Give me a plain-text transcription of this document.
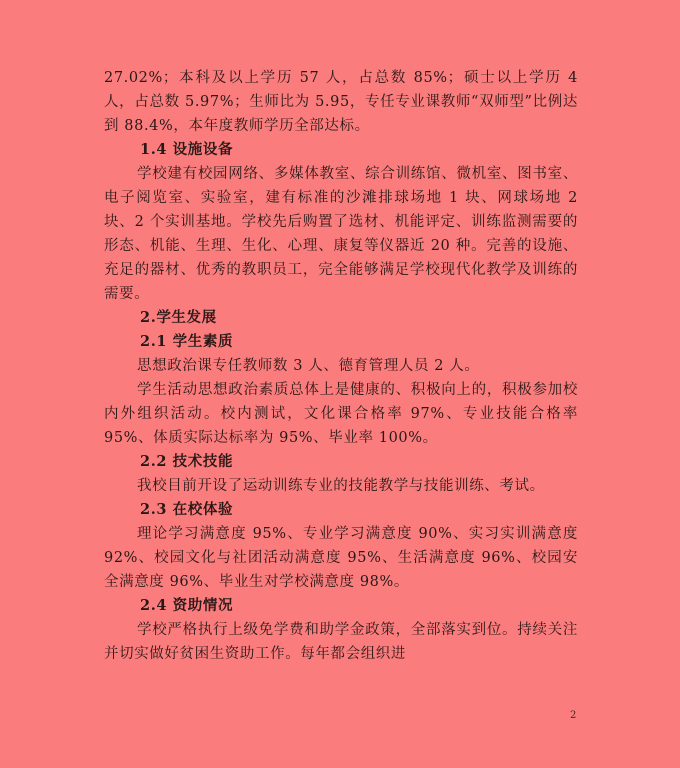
27.02%；本科及以上学历 57 人，占总数 85%；硕士以上学历 4 人，占总数 5.97%；生师比为 5.95，专任专业课教师“双师型”比例达到 88.4%，本年度教师学历全部达标。

1.4 设施设备

学校建有校园网络、多媒体教室、综合训练馆、微机室、图书室、电子阅览室、实验室，建有标准的沙滩排球场地 1 块、网球场地 2 块、2 个实训基地。学校先后购置了选材、机能评定、训练监测需要的形态、机能、生理、生化、心理、康复等仪器近 20 种。完善的设施、充足的器材、优秀的教职员工，完全能够满足学校现代化教学及训练的需要。

2.学生发展

2.1 学生素质

思想政治课专任教师数 3 人、德育管理人员 2 人。

学生活动思想政治素质总体上是健康的、积极向上的，积极参加校内外组织活动。校内测试，文化课合格率 97%、专业技能合格率 95%、体质实际达标率为 95%、毕业率 100%。

2.2 技术技能

我校目前开设了运动训练专业的技能教学与技能训练、考试。

2.3 在校体验

理论学习满意度 95%、专业学习满意度 90%、实习实训满意度 92%、校园文化与社团活动满意度 95%、生活满意度 96%、校园安全满意度 96%、毕业生对学校满意度 98%。

2.4 资助情况

学校严格执行上级免学费和助学金政策，全部落实到位。持续关注并切实做好贫困生资助工作。每年都会组织进

2
